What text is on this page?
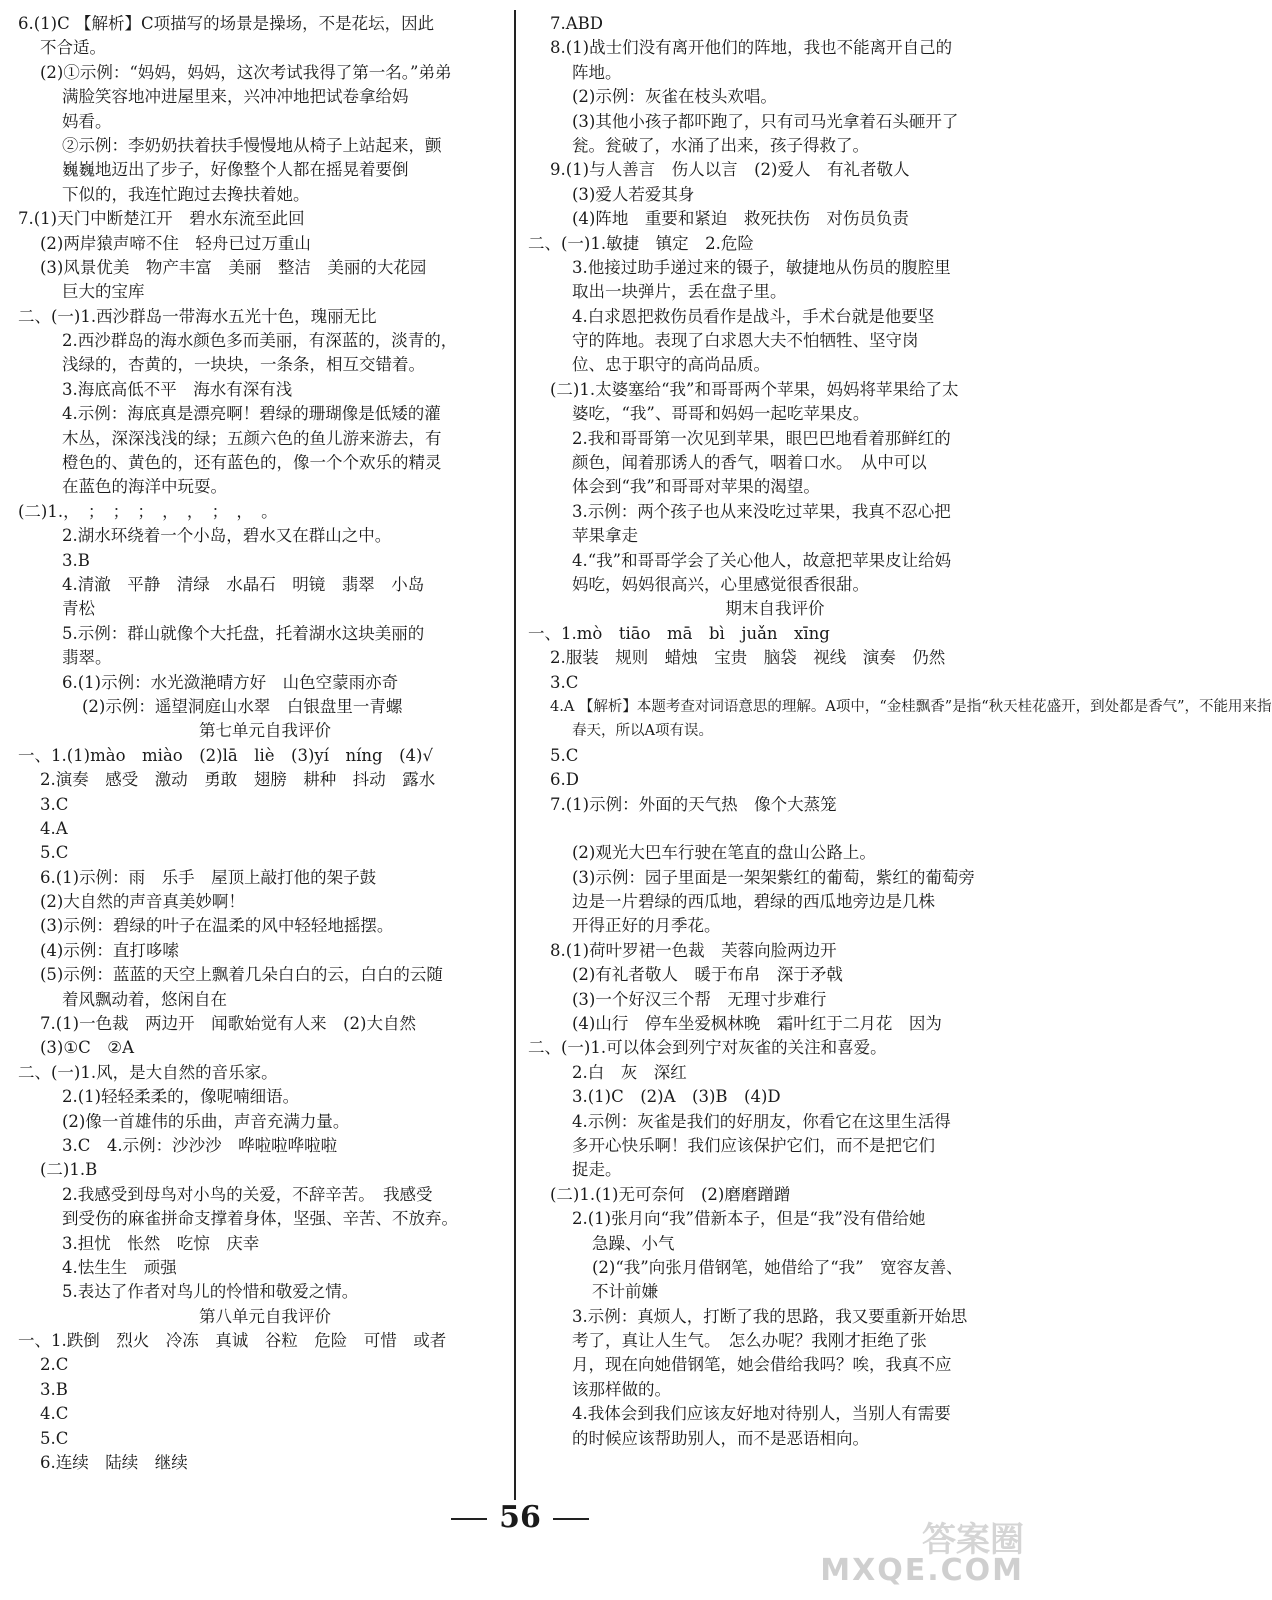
6.(1)C 【解析】C项描写的场景是操场，不是花坛，因此
不合适。
(2)①示例：“妈妈，妈妈，这次考试我得了第一名。”弟弟
满脸笑容地冲进屋里来，兴冲冲地把试卷拿给妈
妈看。
②示例：李奶奶扶着扶手慢慢地从椅子上站起来，颤
巍巍地迈出了步子，好像整个人都在摇晃着要倒
下似的，我连忙跑过去搀扶着她。
7.(1)天门中断楚江开　碧水东流至此回
(2)两岸猿声啼不住　轻舟已过万重山
(3)风景优美　物产丰富　美丽　整洁　美丽的大花园
巨大的宝库
二、(一)1.西沙群岛一带海水五光十色，瑰丽无比
2.西沙群岛的海水颜色多而美丽，有深蓝的，淡青的，
浅绿的，杏黄的，一块块，一条条，相互交错着。
3.海底高低不平　海水有深有浅
4.示例：海底真是漂亮啊！碧绿的珊瑚像是低矮的灌
木丛，深深浅浅的绿；五颜六色的鱼儿游来游去，有
橙色的、黄色的，还有蓝色的，像一个个欢乐的精灵
在蓝色的海洋中玩耍。
(二)1.，　；　；　；　，　，　；　，　。
2.湖水环绕着一个小岛，碧水又在群山之中。
3.B
4.清澈　平静　清绿　水晶石　明镜　翡翠　小岛
青松
5.示例：群山就像个大托盘，托着湖水这块美丽的
翡翠。
6.(1)示例：水光潋滟晴方好　山色空蒙雨亦奇
(2)示例：遥望洞庭山水翠　白银盘里一青螺
第七单元自我评价
一、1.(1)mào　miào　(2)lā　liè　(3)yí　níng　(4)√
2.演奏　感受　激动　勇敢　翅膀　耕种　抖动　露水
3.C
4.A
5.C
6.(1)示例：雨　乐手　屋顶上敲打他的架子鼓
(2)大自然的声音真美妙啊！
(3)示例：碧绿的叶子在温柔的风中轻轻地摇摆。
(4)示例：直打哆嗦
(5)示例：蓝蓝的天空上飘着几朵白白的云，白白的云随
着风飘动着，悠闲自在
7.(1)一色裁　两边开　闻歌始觉有人来　(2)大自然
(3)①C　②A
二、(一)1.风，是大自然的音乐家。
2.(1)轻轻柔柔的，像呢喃细语。
(2)像一首雄伟的乐曲，声音充满力量。
3.C　4.示例：沙沙沙　哗啦啦哗啦啦
(二)1.B
2.我感受到母鸟对小鸟的关爱，不辞辛苦。　我感受
到受伤的麻雀拼命支撑着身体，坚强、辛苦、不放弃。
3.担忧　怅然　吃惊　庆幸
4.怯生生　顽强
5.表达了作者对鸟儿的怜惜和敬爱之情。
第八单元自我评价
一、1.跌倒　烈火　冷冻　真诚　谷粒　危险　可惜　或者
2.C
3.B
4.C
5.C
6.连续　陆续　继续
7.ABD
8.(1)战士们没有离开他们的阵地，我也不能离开自己的
阵地。
(2)示例：灰雀在枝头欢唱。
(3)其他小孩子都吓跑了，只有司马光拿着石头砸开了
瓮。瓮破了，水涌了出来，孩子得救了。
9.(1)与人善言　伤人以言　(2)爱人　有礼者敬人
(3)爱人若爱其身
(4)阵地　重要和紧迫　救死扶伤　对伤员负责
二、(一)1.敏捷　镇定　2.危险
3.他接过助手递过来的镊子，敏捷地从伤员的腹腔里
取出一块弹片，丢在盘子里。
4.白求恩把救伤员看作是战斗，手术台就是他要坚
守的阵地。表现了白求恩大夫不怕牺牲、坚守岗
位、忠于职守的高尚品质。
(二)1.太婆塞给“我”和哥哥两个苹果，妈妈将苹果给了太
婆吃，“我”、哥哥和妈妈一起吃苹果皮。
2.我和哥哥第一次见到苹果，眼巴巴地看着那鲜红的
颜色，闻着那诱人的香气，咽着口水。　从中可以
体会到“我”和哥哥对苹果的渴望。
3.示例：两个孩子也从来没吃过苹果，我真不忍心把
苹果拿走
4.“我”和哥哥学会了关心他人，故意把苹果皮让给妈
妈吃，妈妈很高兴，心里感觉很香很甜。
期末自我评价
一、1.mò　tiāo　mā　bì　juǎn　xīng
2.服装　规则　蜡烛　宝贵　脑袋　视线　演奏　仍然
3.C
4.A 【解析】本题考查对词语意思的理解。A项中，“金桂飘香”是指“秋天桂花盛开，到处都是香气”，不能用来指
春天，所以A项有误。
5.C
6.D
7.(1)示例：外面的天气热　像个大蒸笼
(2)观光大巴车行驶在笔直的盘山公路上。
(3)示例：园子里面是一架架紫红的葡萄，紫红的葡萄旁
边是一片碧绿的西瓜地，碧绿的西瓜地旁边是几株
开得正好的月季花。
8.(1)荷叶罗裙一色裁　芙蓉向脸两边开
(2)有礼者敬人　暖于布帛　深于矛戟
(3)一个好汉三个帮　无理寸步难行
(4)山行　停车坐爱枫林晚　霜叶红于二月花　因为
二、(一)1.可以体会到列宁对灰雀的关注和喜爱。
2.白　灰　深红
3.(1)C　(2)A　(3)B　(4)D
4.示例：灰雀是我们的好朋友，你看它在这里生活得
多开心快乐啊！我们应该保护它们，而不是把它们
捉走。
(二)1.(1)无可奈何　(2)磨磨蹭蹭
2.(1)张月向“我”借新本子，但是“我”没有借给她
急躁、小气
(2)“我”向张月借钢笔，她借给了“我”　宽容友善、
不计前嫌
3.示例：真烦人，打断了我的思路，我又要重新开始思
考了，真让人生气。　怎么办呢？我刚才拒绝了张
月，现在向她借钢笔，她会借给我吗？唉，我真不应
该那样做的。
4.我体会到我们应该友好地对待别人，当别人有需要
的时候应该帮助别人，而不是恶语相向。
56
答案圈
MXQE.COM
